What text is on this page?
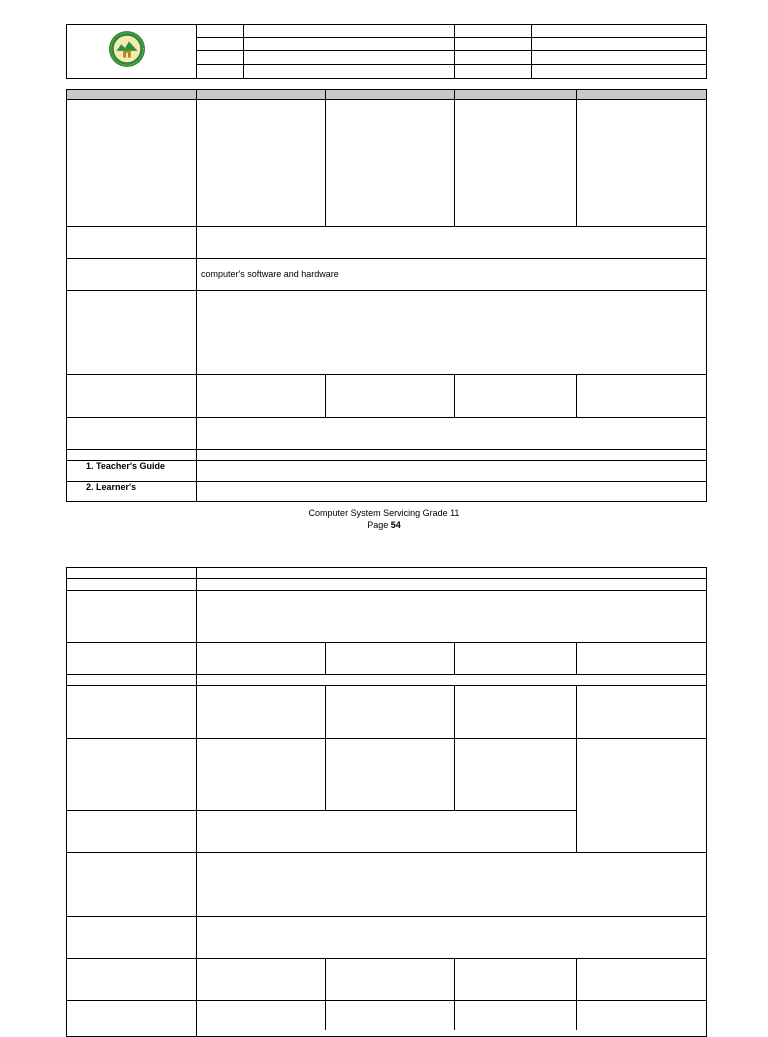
computer's software and hardware
1. Teacher's Guide
2. Learner's
Computer System Servicing Grade 11
Page 54
